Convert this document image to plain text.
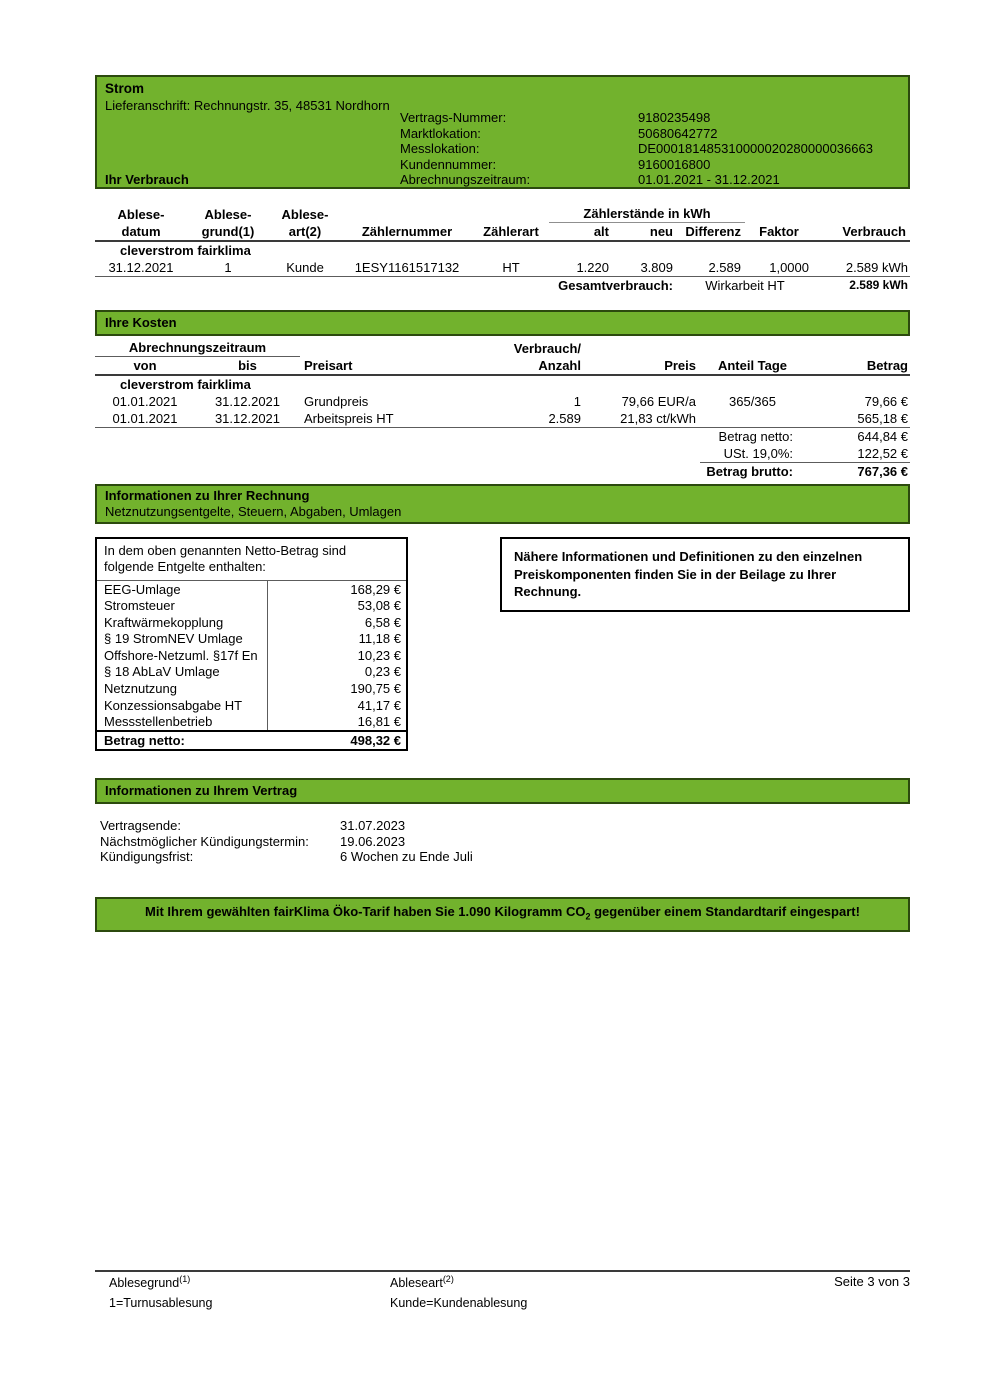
Strom
Lieferanschrift: Rechnungstr. 35, 48531 Nordhorn
Vertrags-Nummer:	9180235498
Marktlokation:	50680642772
Messlokation:	DE000181485310000020280000036663
Kundennummer:	9160016800
Abrechnungszeitraum:	01.01.2021 - 31.12.2021
Ihr Verbrauch
Ablese-	Ablese-	Ablese-			Zählerstände in kWh				
datum	grund(1)	art(2)	Zählernummer	Zählerart	alt	neu	Differenz	Faktor	Verbrauch
cleverstrom fairklima									
31.12.2021	1	Kunde	1ESY1161517132	HT	1.220	3.809	2.589	1,0000	2.589 kWh
Gesamtverbrauch:							Wirkarbeit HT		2.589 kWh
Ihre Kosten
Abrechnungszeitraum			Verbrauch/			
von	bis	Preisart	Anzahl	Preis	Anteil Tage	Betrag
cleverstrom fairklima						
01.01.2021	31.12.2021	Grundpreis	1	79,66 EUR/a	365/365	79,66 €
01.01.2021	31.12.2021	Arbeitspreis HT	2.589	21,83 ct/kWh		565,18 €
Betrag netto:						644,84 €
USt. 19,0%:						122,52 €
					Betrag brutto:	767,36 €
Informationen zu Ihrer Rechnung
Netznutzungsentgelte, Steuern, Abgaben, Umlagen
In dem oben genannten Netto-Betrag sind folgende Entgelte enthalten:
EEG-Umlage	168,29 €
Stromsteuer	53,08 €
Kraftwärmekopplung	6,58 €
§ 19 StromNEV Umlage	11,18 €
Offshore-Netzuml. §17f En	10,23 €
§ 18 AbLaV Umlage	0,23 €
Netznutzung	190,75 €
Konzessionsabgabe HT	41,17 €
Messstellenbetrieb	16,81 €
Betrag netto:	498,32 €
Nähere Informationen und Definitionen zu den einzelnen Preiskomponenten finden Sie in der Beilage zu Ihrer Rechnung.
Informationen zu Ihrem Vertrag
Vertragsende:	31.07.2023
Nächstmöglicher Kündigungstermin:	19.06.2023
Kündigungsfrist:	6 Wochen zu Ende Juli
Mit Ihrem gewählten fairKlima Öko-Tarif haben Sie 1.090 Kilogramm $CO_2$ gegenüber einem Standardtarif eingespart!
Ablesegrund$^{(1)}$	Ableseart$^{(2)}$	Seite 3 von 3
1=Turnusablesung	Kunde=Kundenablesung
